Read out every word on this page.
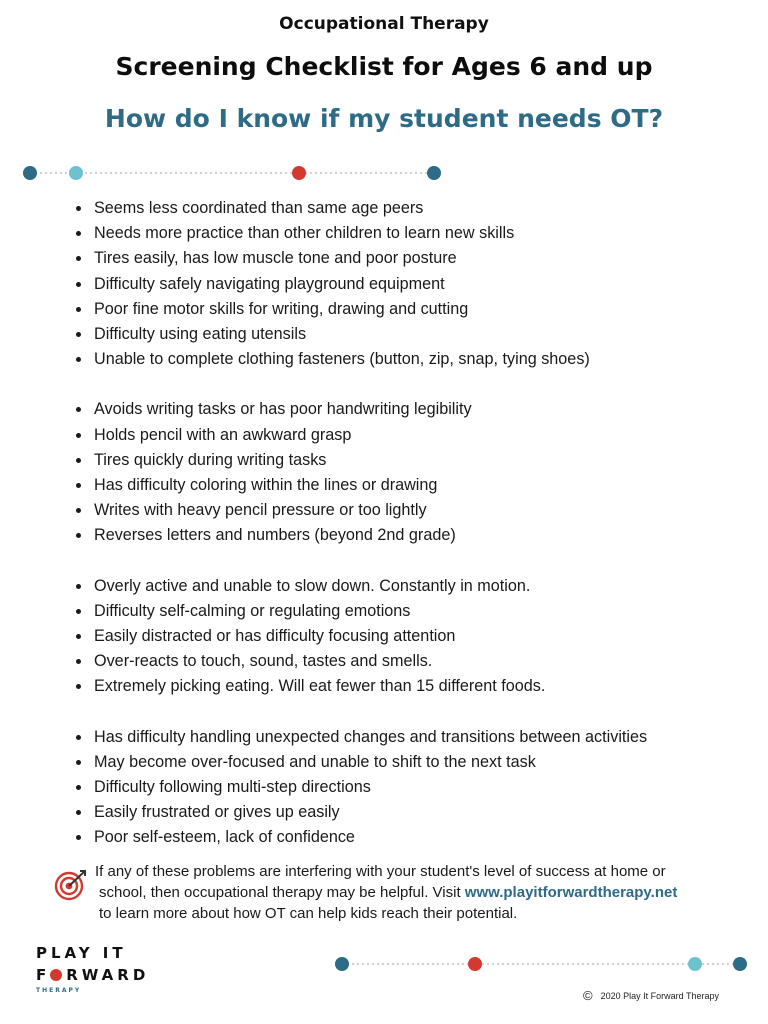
Occupational Therapy
Screening Checklist for Ages 6 and up
How do I know if my student needs OT?
Seems less coordinated than same age peers
Needs more practice than other children to learn new skills
Tires easily, has low muscle tone and poor posture
Difficulty safely navigating playground equipment
Poor fine motor skills for writing, drawing and cutting
Difficulty using eating utensils
Unable to complete clothing fasteners (button, zip, snap, tying shoes)
Avoids writing tasks or has poor handwriting legibility
Holds pencil with an awkward grasp
Tires quickly during writing tasks
Has difficulty coloring within the lines or drawing
Writes with heavy pencil pressure or too lightly
Reverses letters and numbers (beyond 2nd grade)
Overly active and unable to slow down. Constantly in motion.
Difficulty self-calming or regulating emotions
Easily distracted or has difficulty focusing attention
Over-reacts to touch, sound, tastes and smells.
Extremely picking eating. Will eat fewer than 15 different foods.
Has difficulty handling unexpected changes and transitions between activities
May become over-focused and unable to shift to the next task
Difficulty following multi-step directions
Easily frustrated or gives up easily
Poor self-esteem, lack of confidence
If any of these problems are interfering with your student's level of success at home or
school, then occupational therapy may be helpful. Visit www.playitforwardtherapy.net
to learn more about how OT can help kids reach their potential.
PLAY IT
F RWARD
THERAPY	© 2020 Play It Forward Therapy
